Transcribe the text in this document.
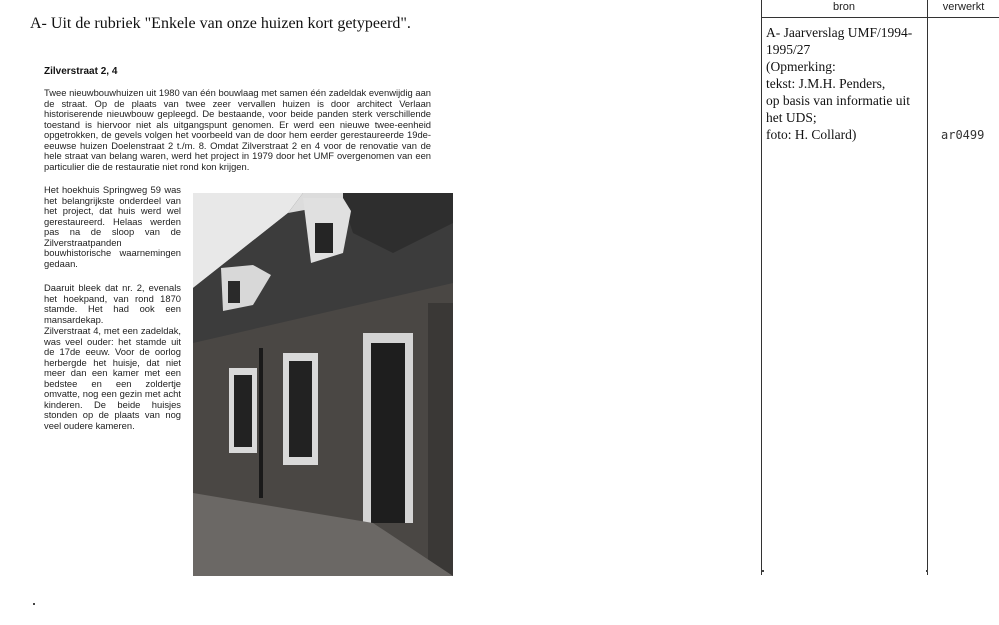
A- Uit de rubriek "Enkele van onze huizen kort getypeerd".
Zilverstraat 2, 4
Twee nieuwbouwhuizen uit 1980 van één bouwlaag met samen één zadeldak evenwijdig aan de straat. Op de plaats van twee zeer vervallen huizen is door architect Verlaan historiserende nieuwbouw gepleegd. De bestaande, voor beide panden sterk verschillende toestand is hiervoor niet als uitgangspunt genomen. Er werd een nieuwe twee-eenheid opgetrokken, de gevels volgen het voorbeeld van de door hem eerder gerestaureerde 19de-eeuwse huizen Doelenstraat 2 t./m. 8. Omdat Zilverstraat 2 en 4 voor de renovatie van de hele straat van belang waren, werd het project in 1979 door het UMF overgenomen van een particulier die de restauratie niet rond kon krijgen.
Het hoekhuis Springweg 59 was het belangrijkste onderdeel van het project, dat huis werd wel gerestaureerd. Helaas werden pas na de sloop van de Zilverstraatpanden bouwhistorische waarnemingen gedaan.
Daaruit bleek dat nr. 2, evenals het hoekpand, van rond 1870 stamde. Het had ook een mansardekap.
Zilverstraat 4, met een zadeldak, was veel ouder: het stamde uit de 17de eeuw. Voor de oorlog herbergde het huisje, dat niet meer dan een kamer met een bedstee en een zoldertje omvatte, nog een gezin met acht kinderen. De beide huisjes stonden op de plaats van nog veel oudere kameren.
bron	verwerkt
A- Jaarverslag UMF/1994-
1995/27
(Opmerking:
tekst: J.M.H. Penders,
op basis van informatie uit
het UDS;
foto: H. Collard)	ar0499
